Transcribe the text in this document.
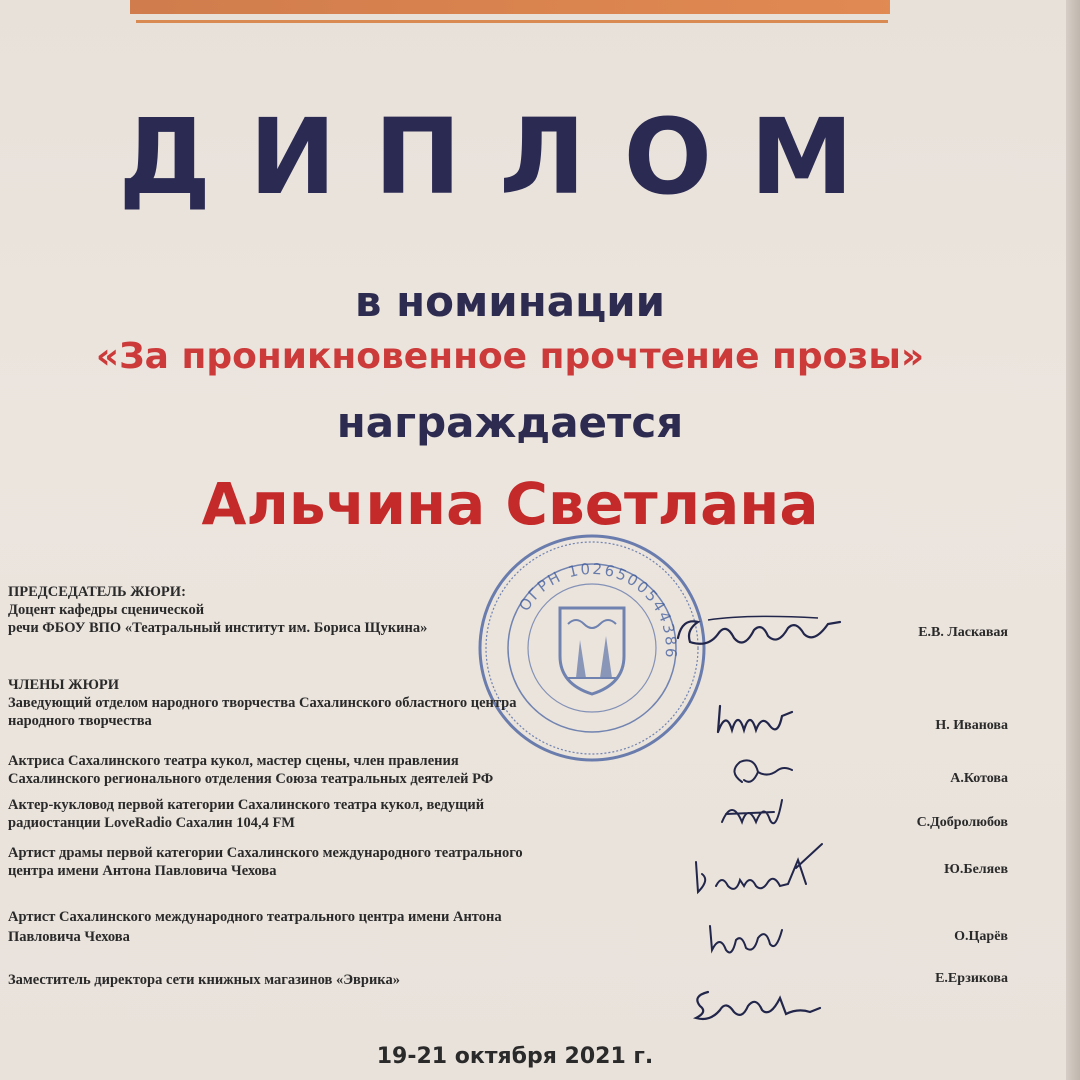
ДИПЛОМ

в номинации

«За проникновенное прочтение прозы»

награждается

Альчина Светлана

ОГРН 1026500544386

ПРЕДСЕДАТЕЛЬ ЖЮРИ:

Доцент кафедры сценической

речи ФБОУ ВПО «Театральный институт им. Бориса Щукина»	Е.В. Ласкавая

ЧЛЕНЫ ЖЮРИ

Заведующий отделом народного творчества Сахалинского областного центра

народного творчества	Н. Иванова

Актриса Сахалинского театра кукол, мастер сцены, член правления

Сахалинского регионального отделения Союза театральных деятелей РФ	А.Котова

Актер-кукловод первой категории Сахалинского театра кукол, ведущий

радиостанции LoveRadio Сахалин 104,4 FM	С.Добролюбов

Артист драмы первой категории Сахалинского международного театрального

центра имени Антона Павловича Чехова	Ю.Беляев

Артист Сахалинского международного театрального центра имени Антона

Павловича Чехова	О.Царёв

Заместитель директора сети книжных магазинов «Эврика»	Е.Ерзикова

19-21 октября 2021 г.
